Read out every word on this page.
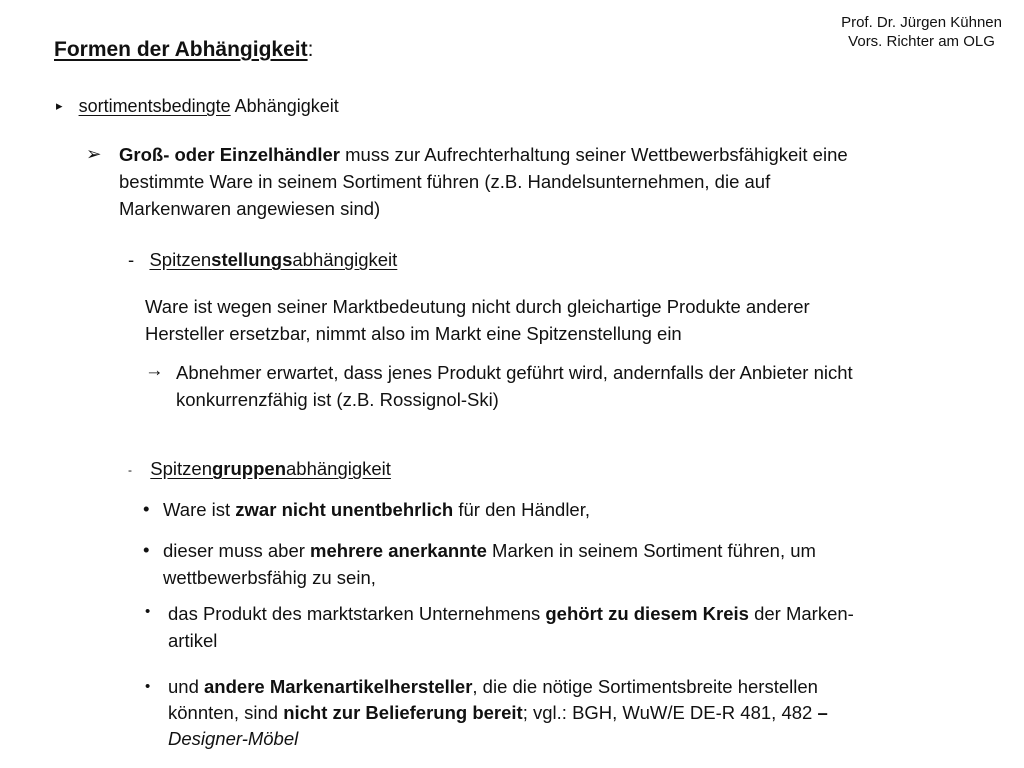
Prof. Dr. Jürgen Kühnen
Vors. Richter am OLG
Formen der Abhängigkeit:
▸ sortimentsbedingte Abhängigkeit
➢ Groß- oder Einzelhändler muss zur Aufrechterhaltung seiner Wettbewerbsfähigkeit eine
bestimmte Ware in seinem Sortiment führen (z.B. Handelsunternehmen, die auf
Markenwaren angewiesen sind)
- Spitzenstellungsabhängigkeit
Ware ist wegen seiner Marktbedeutung nicht durch gleichartige Produkte anderer
Hersteller ersetzbar, nimmt also im Markt eine Spitzenstellung ein
→ Abnehmer erwartet, dass jenes Produkt geführt wird, andernfalls der Anbieter nicht
konkurrenzfähig ist (z.B. Rossignol-Ski)
- Spitzengruppenabhängigkeit
• Ware ist zwar nicht unentbehrlich für den Händler,
• dieser muss aber mehrere anerkannte Marken in seinem Sortiment führen, um
wettbewerbsfähig zu sein,
• das Produkt des marktstarken Unternehmens gehört zu diesem Kreis der Marken-
artikel
• und andere Markenartikelhersteller, die die nötige Sortimentsbreite herstellen
könnten, sind nicht zur Belieferung bereit; vgl.: BGH, WuW/E DE-R 481, 482 –
Designer-Möbel
